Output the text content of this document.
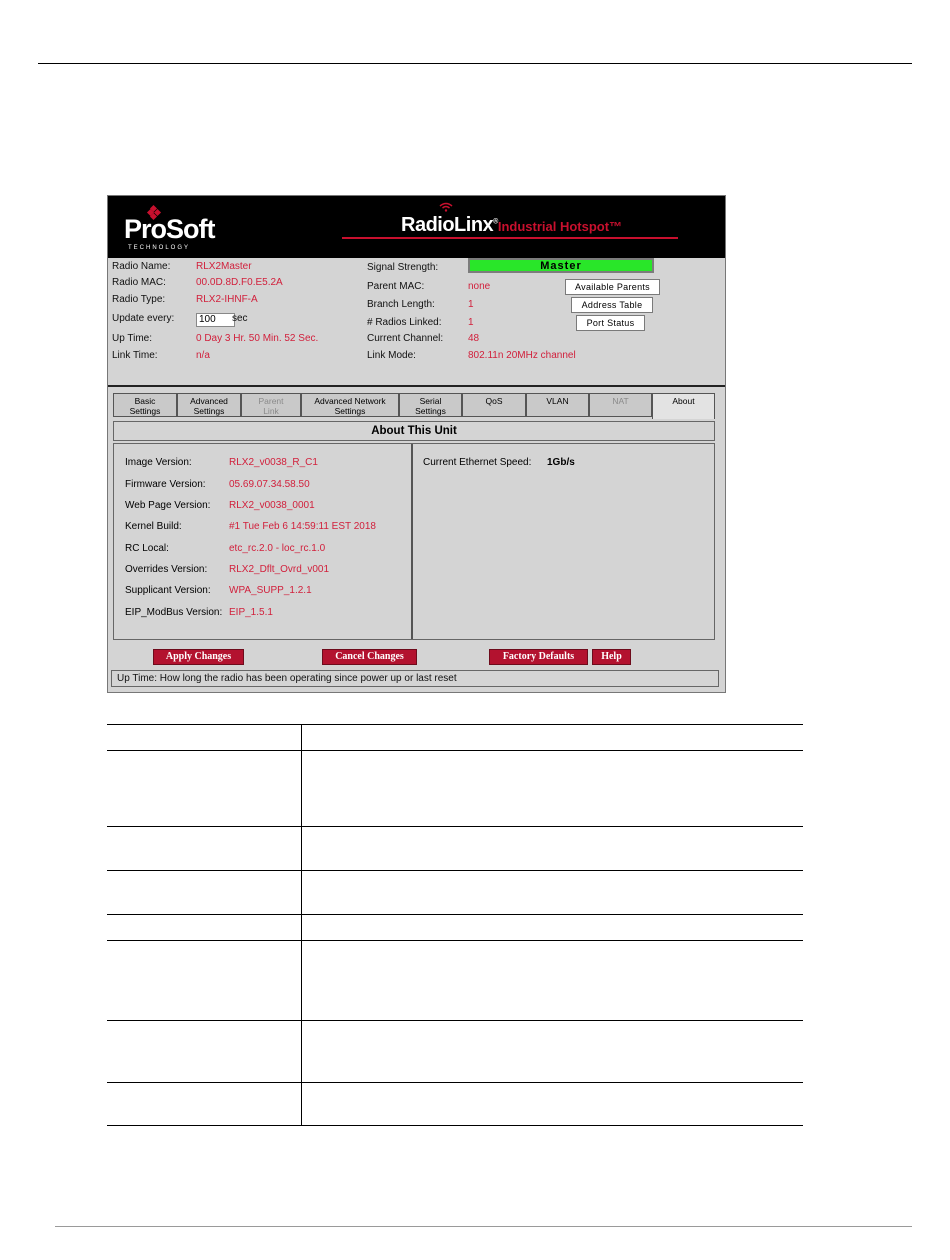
ProSoft
TECHNOLOGY
RadioLinx®Industrial Hotspot™
Radio Name:	RLX2Master
Radio MAC:	00.0D.8D.F0.E5.2A
Radio Type:	RLX2-IHNF-A
Update every:	100	sec
Up Time:	0 Day 3 Hr. 50 Min. 52 Sec.
Link Time:	n/a
Signal Strength:	Master
Parent MAC:	none
Branch Length:	1
# Radios Linked:	1
Current Channel: 48
Link Mode:	802.11n 20MHz channel
Available Parents
Address Table
Port Status
Basic
Settings
Advanced
Settings
Parent
Link
Advanced Network
Settings
Serial
Settings
QoS	VLAN	NAT	About
About This Unit
Image Version:	RLX2_v0038_R_C1
Firmware Version: 05.69.07.34.58.50
Web Page Version: RLX2_v0038_0001
Kernel Build:	#1 Tue Feb 6 14:59:11 EST 2018
RC Local:	etc_rc.2.0 - loc_rc.1.0
Overrides Version: RLX2_Dflt_Ovrd_v001
Supplicant Version: WPA_SUPP_1.2.1
EIP_ModBus Version: EIP_1.5.1
Current Ethernet Speed: 1Gb/s
Apply Changes	Cancel Changes	Factory Defaults	Help
Up Time: How long the radio has been operating since power up or last reset
